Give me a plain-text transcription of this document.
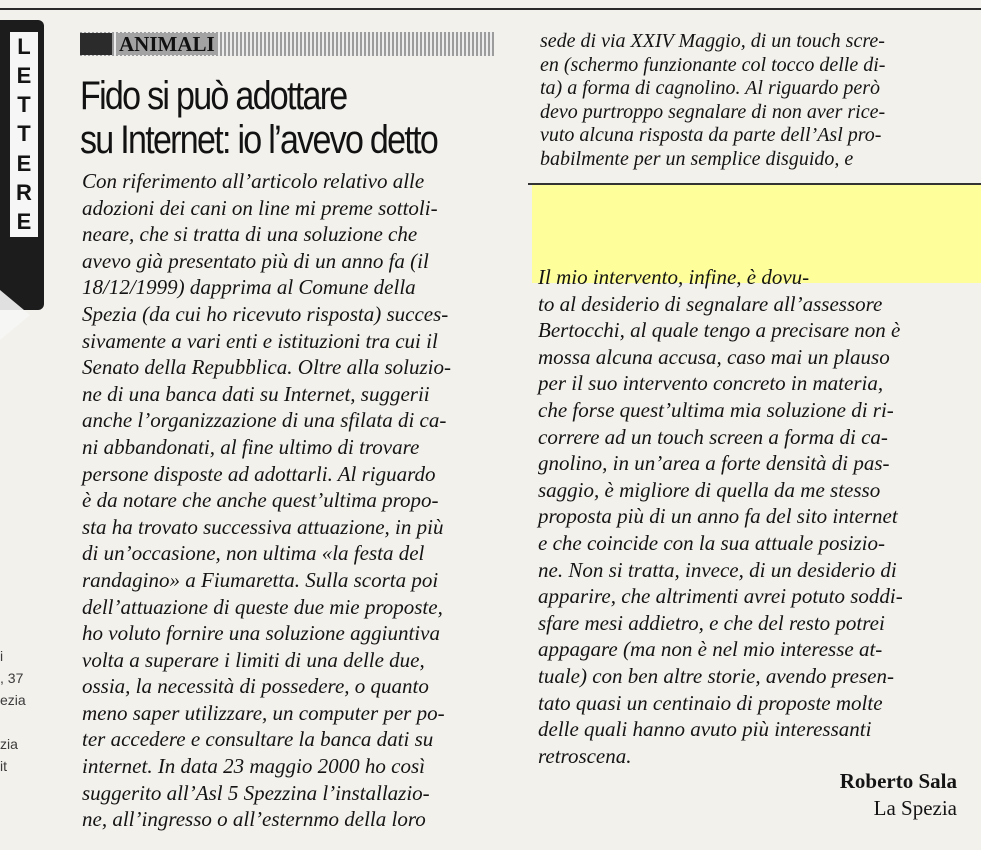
L
E
T
T
E
R
E
i
, 37
ezia

zia
it
ANIMALI
Fido si può adottare
su Internet: io l’avevo detto
Con riferimento all’articolo relativo alle
adozioni dei cani on line mi preme sottoli-
neare, che si tratta di una soluzione che
avevo già presentato più di un anno fa (il
18/12/1999) dapprima al Comune della
Spezia (da cui ho ricevuto risposta) succes-
sivamente a vari enti e istituzioni tra cui il
Senato della Repubblica. Oltre alla soluzio-
ne di una banca dati su Internet, suggerii
anche l’organizzazione di una sfilata di ca-
ni abbandonati, al fine ultimo di trovare
persone disposte ad adottarli. Al riguardo
è da notare che anche quest’ultima propo-
sta ha trovato successiva attuazione, in più
di un’occasione, non ultima «la festa del
randagino» a Fiumaretta. Sulla scorta poi
dell’attuazione di queste due mie proposte,
ho voluto fornire una soluzione aggiuntiva
volta a superare i limiti di una delle due,
ossia, la necessità di possedere, o quanto
meno saper utilizzare, un computer per po-
ter accedere e consultare la banca dati su
internet. In data 23 maggio 2000 ho così
suggerito all’Asl 5 Spezzina l’installazio-
ne, all’ingresso o all’esternmo della loro
sede di via XXIV Maggio, di un touch scre-
en (schermo funzionante col tocco delle di-
ta) a forma di cagnolino. Al riguardo però
devo purtroppo segnalare di non aver rice-
vuto alcuna risposta da parte dell’Asl pro-
babilmente per un semplice disguido, e
Il mio intervento, infine, è dovu-
to al desiderio di segnalare all’assessore
Bertocchi, al quale tengo a precisare non è
mossa alcuna accusa, caso mai un plauso
per il suo intervento concreto in materia,
che forse quest’ultima mia soluzione di ri-
correre ad un touch screen a forma di ca-
gnolino, in un’area a forte densità di pas-
saggio, è migliore di quella da me stesso
proposta più di un anno fa del sito internet
e che coincide con la sua attuale posizio-
ne. Non si tratta, invece, di un desiderio di
apparire, che altrimenti avrei potuto soddi-
sfare mesi addietro, e che del resto potrei
appagare (ma non è nel mio interesse at-
tuale) con ben altre storie, avendo presen-
tato quasi un centinaio di proposte molte
delle quali hanno avuto più interessanti
retroscena.
Roberto Sala
La Spezia
